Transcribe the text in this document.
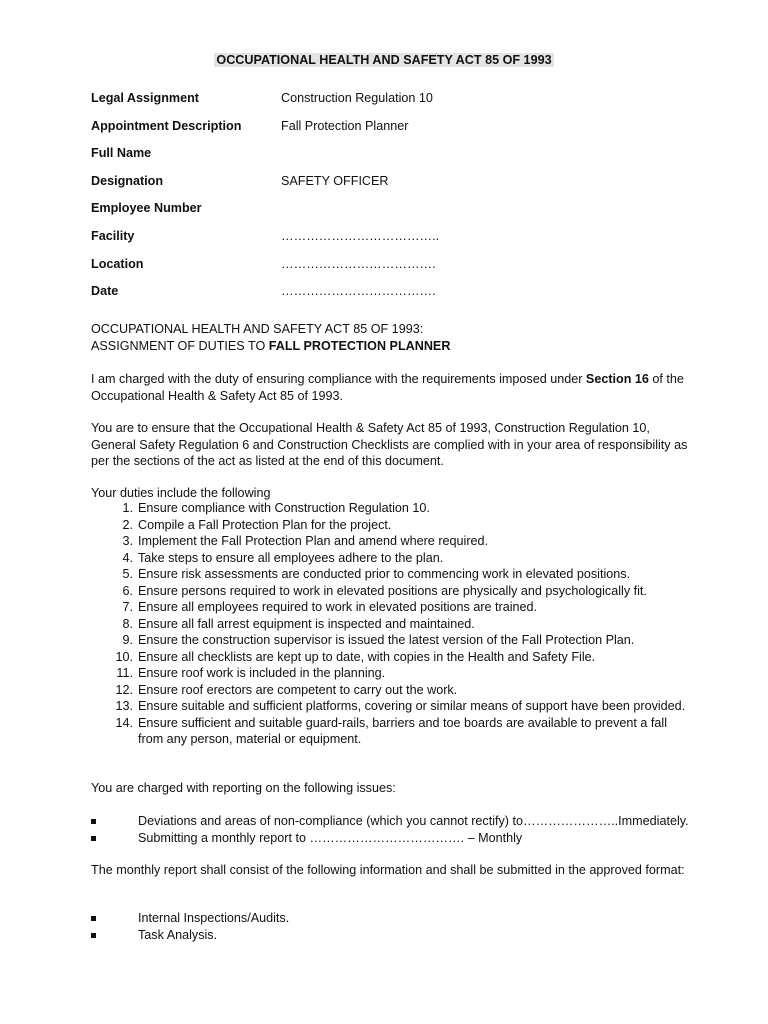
OCCUPATIONAL HEALTH AND SAFETY ACT 85 OF 1993
Legal Assignment	Construction Regulation 10
Appointment Description	Fall Protection Planner
Full Name
Designation	SAFETY OFFICER
Employee Number
Facility	………………………………..
Location	……………………………….
Date	……………………………….
OCCUPATIONAL HEALTH AND SAFETY ACT 85 OF 1993:
ASSIGNMENT OF DUTIES TO FALL PROTECTION PLANNER
I am charged with the duty of ensuring compliance with the requirements imposed under Section 16 of the Occupational Health & Safety Act 85 of 1993.
You are to ensure that the Occupational Health & Safety Act 85 of 1993, Construction Regulation 10, General Safety Regulation 6 and Construction Checklists are complied with in your area of responsibility as per the sections of the act as listed at the end of this document.
Your duties include the following
1. Ensure compliance with Construction Regulation 10.
2. Compile a Fall Protection Plan for the project.
3. Implement the Fall Protection Plan and amend where required.
4. Take steps to ensure all employees adhere to the plan.
5. Ensure risk assessments are conducted prior to commencing work in elevated positions.
6. Ensure persons required to work in elevated positions are physically and psychologically fit.
7. Ensure all employees required to work in elevated positions are trained.
8. Ensure all fall arrest equipment is inspected and maintained.
9. Ensure the construction supervisor is issued the latest version of the Fall Protection Plan.
10. Ensure all checklists are kept up to date, with copies in the Health and Safety File.
11. Ensure roof work is included in the planning.
12. Ensure roof erectors are competent to carry out the work.
13. Ensure suitable and sufficient platforms, covering or similar means of support have been provided.
14. Ensure sufficient and suitable guard-rails, barriers and toe boards are available to prevent a fall from any person, material or equipment.
You are charged with reporting on the following issues:
Deviations and areas of non-compliance (which you cannot rectify) to…………………..Immediately.
Submitting a monthly report to ………………………………. – Monthly
The monthly report shall consist of the following information and shall be submitted in the approved format:
Internal Inspections/Audits.
Task Analysis.
